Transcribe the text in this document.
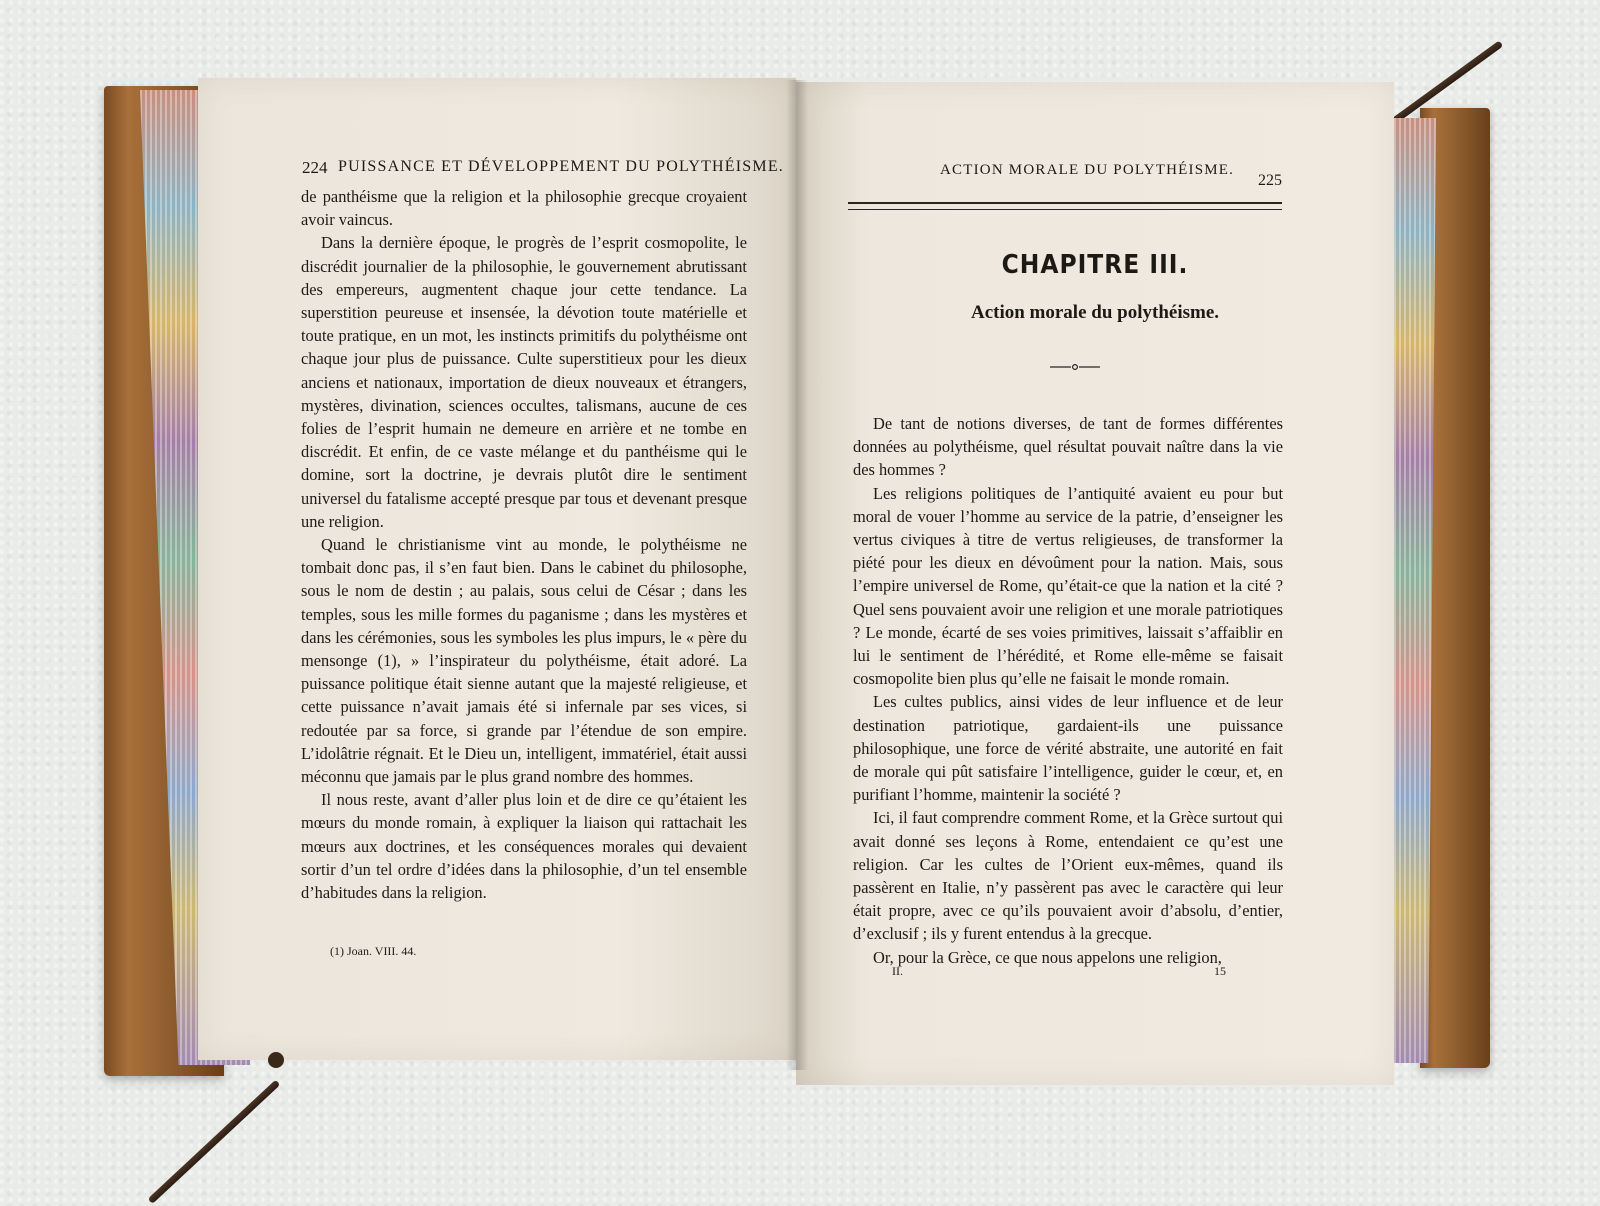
224 PUISSANCE ET DÉVELOPPEMENT DU POLYTHÉISME.

de panthéisme que la religion et la philosophie grecque croyaient avoir vaincus.

Dans la dernière époque, le progrès de l’esprit cosmopolite, le discrédit journalier de la philosophie, le gouvernement abrutissant des empereurs, augmentent chaque jour cette tendance. La superstition peureuse et insensée, la dévotion toute matérielle et toute pratique, en un mot, les instincts primitifs du polythéisme ont chaque jour plus de puissance. Culte superstitieux pour les dieux anciens et nationaux, importation de dieux nouveaux et étrangers, mystères, divination, sciences occultes, talismans, aucune de ces folies de l’esprit humain ne demeure en arrière et ne tombe en discrédit. Et enfin, de ce vaste mélange et du panthéisme qui le domine, sort la doctrine, je devrais plutôt dire le sentiment universel du fatalisme accepté presque par tous et devenant presque une religion.

Quand le christianisme vint au monde, le polythéisme ne tombait donc pas, il s’en faut bien. Dans le cabinet du philosophe, sous le nom de destin ; au palais, sous celui de César ; dans les temples, sous les mille formes du paganisme ; dans les mystères et dans les cérémonies, sous les symboles les plus impurs, le « père du mensonge (1), » l’inspirateur du polythéisme, était adoré. La puissance politique était sienne autant que la majesté religieuse, et cette puissance n’avait jamais été si infernale par ses vices, si redoutée par sa force, si grande par l’étendue de son empire. L’idolâtrie régnait. Et le Dieu un, intelligent, immatériel, était aussi méconnu que jamais par le plus grand nombre des hommes.

Il nous reste, avant d’aller plus loin et de dire ce qu’étaient les mœurs du monde romain, à expliquer la liaison qui rattachait les mœurs aux doctrines, et les conséquences morales qui devaient sortir d’un tel ordre d’idées dans la philosophie, d’un tel ensemble d’habitudes dans la religion.

(1) Joan. VIII. 44.
ACTION MORALE DU POLYTHÉISME.
225
CHAPITRE III.
Action morale du polythéisme.

De tant de notions diverses, de tant de formes différentes données au polythéisme, quel résultat pouvait naître dans la vie des hommes ?

Les religions politiques de l’antiquité avaient eu pour but moral de vouer l’homme au service de la patrie, d’enseigner les vertus civiques à titre de vertus religieuses, de transformer la piété pour les dieux en dévoûment pour la nation. Mais, sous l’empire universel de Rome, qu’était-ce que la nation et la cité ? Quel sens pouvaient avoir une religion et une morale patriotiques ? Le monde, écarté de ses voies primitives, laissait s’affaiblir en lui le sentiment de l’hérédité, et Rome elle-même se faisait cosmopolite bien plus qu’elle ne faisait le monde romain.

Les cultes publics, ainsi vides de leur influence et de leur destination patriotique, gardaient-ils une puissance philosophique, une force de vérité abstraite, une autorité en fait de morale qui pût satisfaire l’intelligence, guider le cœur, et, en purifiant l’homme, maintenir la société ?

Ici, il faut comprendre comment Rome, et la Grèce surtout qui avait donné ses leçons à Rome, entendaient ce qu’est une religion. Car les cultes de l’Orient eux-mêmes, quand ils passèrent en Italie, n’y passèrent pas avec le caractère qui leur était propre, avec ce qu’ils pouvaient avoir d’absolu, d’entier, d’exclusif ; ils y furent entendus à la grecque.

Or, pour la Grèce, ce que nous appelons une religion,

II.	15
